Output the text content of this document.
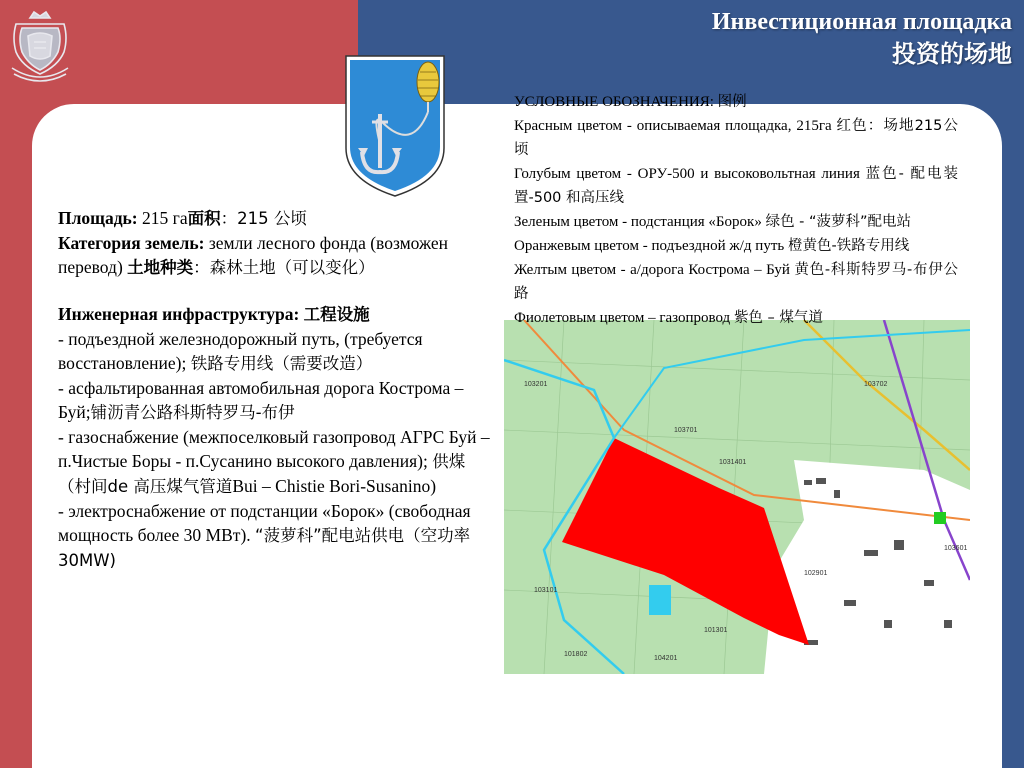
Инвестиционная площадка
投资的场地

Площадь: 215 га面积：215 公顷

Категория земель: земли лесного фонда (возможен перевод) 土地种类：森林土地（可以变化）

Инженерная инфраструктура: 工程设施

- подъездной железнодорожный путь, (требуется восстановление); 铁路专用线（需要改造）

- асфальтированная автомобильная дорога Кострома – Буй;铺沥青公路科斯特罗马-布伊

- газоснабжение (межпоселковый газопровод АГРС Буй – п.Чистые Боры - п.Сусанино высокого давления); 供煤（村间de 高压煤气管道Bui – Chistie Bori-Susanino)

- электроснабжение от подстанции «Борок» (свободная мощность более 30 МВт). “菠萝科”配电站供电（空功率30MW)

103201	103702
1031401
103701
102901
103601
103101
101301
104201
101802

УСЛОВНЫЕ ОБОЗНАЧЕНИЯ: 图例

Красным цветом - описываемая площадка, 215га 红色：场地215公顷

Голубым цветом - ОРУ-500 и высоковольтная линия 蓝色- 配电装置-500 和高压线

Зеленым цветом - подстанция «Борок» 绿色 - “菠萝科”配电站

Оранжевым цветом - подъездной ж/д путь 橙黄色-铁路专用线

Желтым цветом - а/дорога Кострома – Буй 黄色-科斯特罗马-布伊公路

Фиолетовым цветом – газопровод 紫色 – 煤气道
